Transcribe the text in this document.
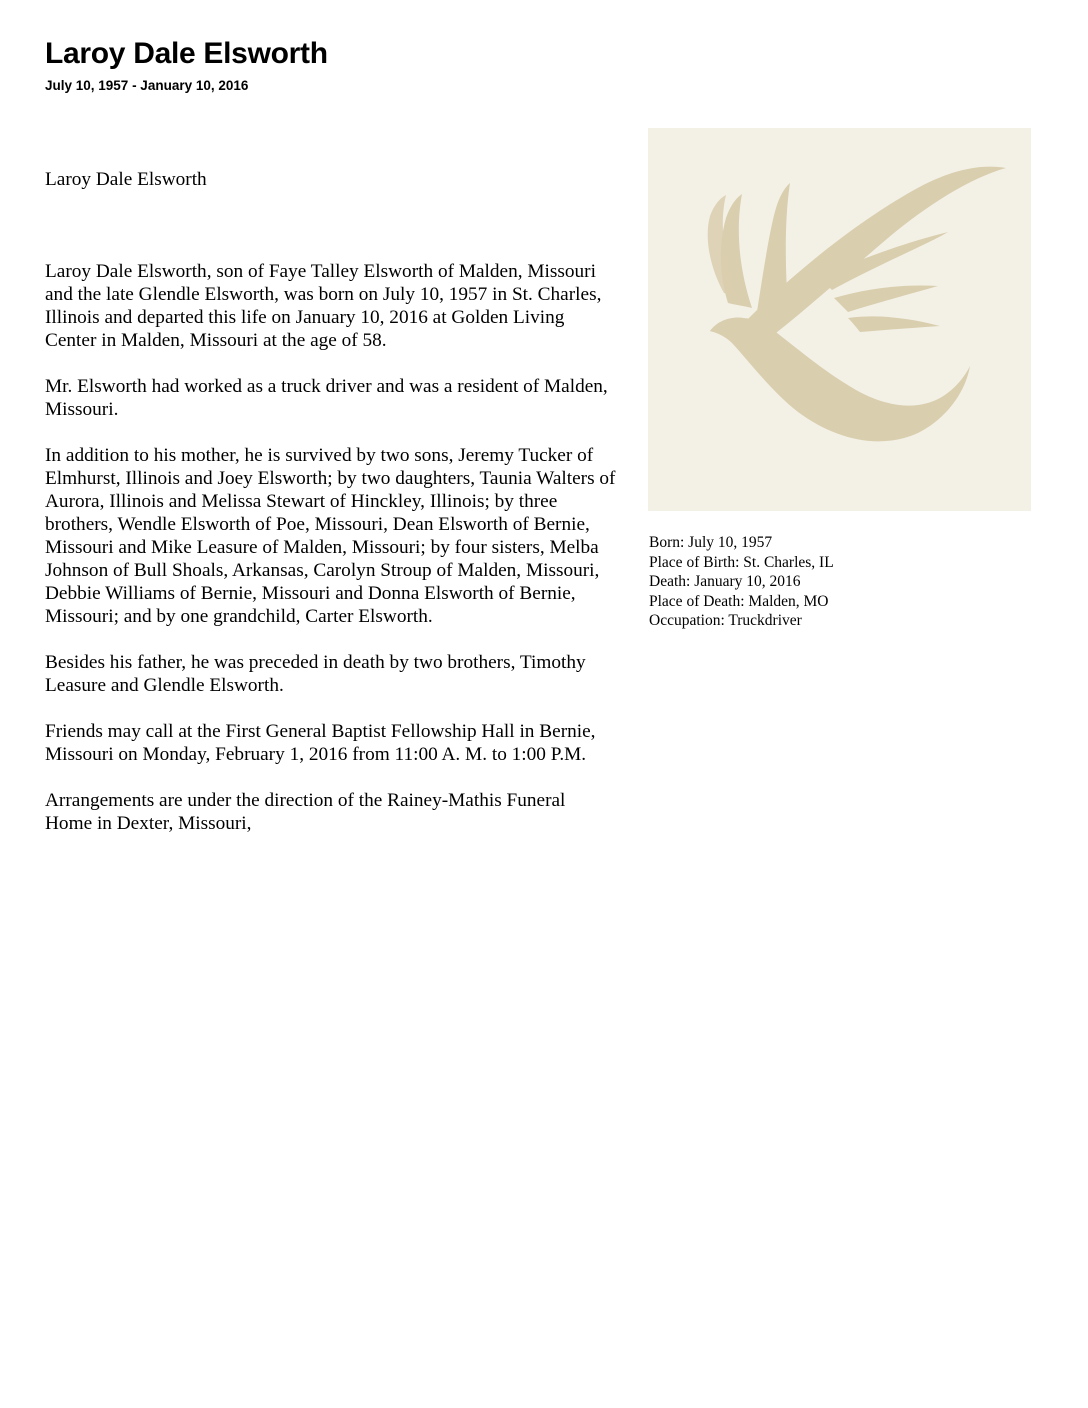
Laroy Dale Elsworth
July 10, 1957 - January 10, 2016

Laroy Dale Elsworth

Laroy Dale Elsworth, son of Faye Talley Elsworth of Malden, Missouri and the late Glendle Elsworth, was born on July 10, 1957 in St. Charles, Illinois and departed this life on January 10, 2016 at Golden Living Center in Malden, Missouri at the age of 58.

Mr. Elsworth had worked as a truck driver and was a resident of Malden, Missouri.

In addition to his mother, he is survived by two sons, Jeremy Tucker of Elmhurst, Illinois and Joey Elsworth; by two daughters, Taunia Walters of Aurora, Illinois and Melissa Stewart of Hinckley, Illinois; by three brothers, Wendle Elsworth of Poe, Missouri, Dean Elsworth of Bernie, Missouri and Mike Leasure of Malden, Missouri; by four sisters, Melba Johnson of Bull Shoals, Arkansas, Carolyn Stroup of Malden, Missouri, Debbie Williams of Bernie, Missouri and Donna Elsworth of Bernie, Missouri; and by one grandchild, Carter Elsworth.

Besides his father, he was preceded in death by two brothers, Timothy Leasure and Glendle Elsworth.

Friends may call at the First General Baptist Fellowship Hall in Bernie, Missouri on Monday, February 1, 2016 from 11:00 A. M. to 1:00 P.M.

Arrangements are under the direction of the Rainey-Mathis Funeral Home in Dexter, Missouri,

Born: July 10, 1957
Place of Birth: St. Charles, IL
Death: January 10, 2016
Place of Death: Malden, MO
Occupation: Truckdriver
